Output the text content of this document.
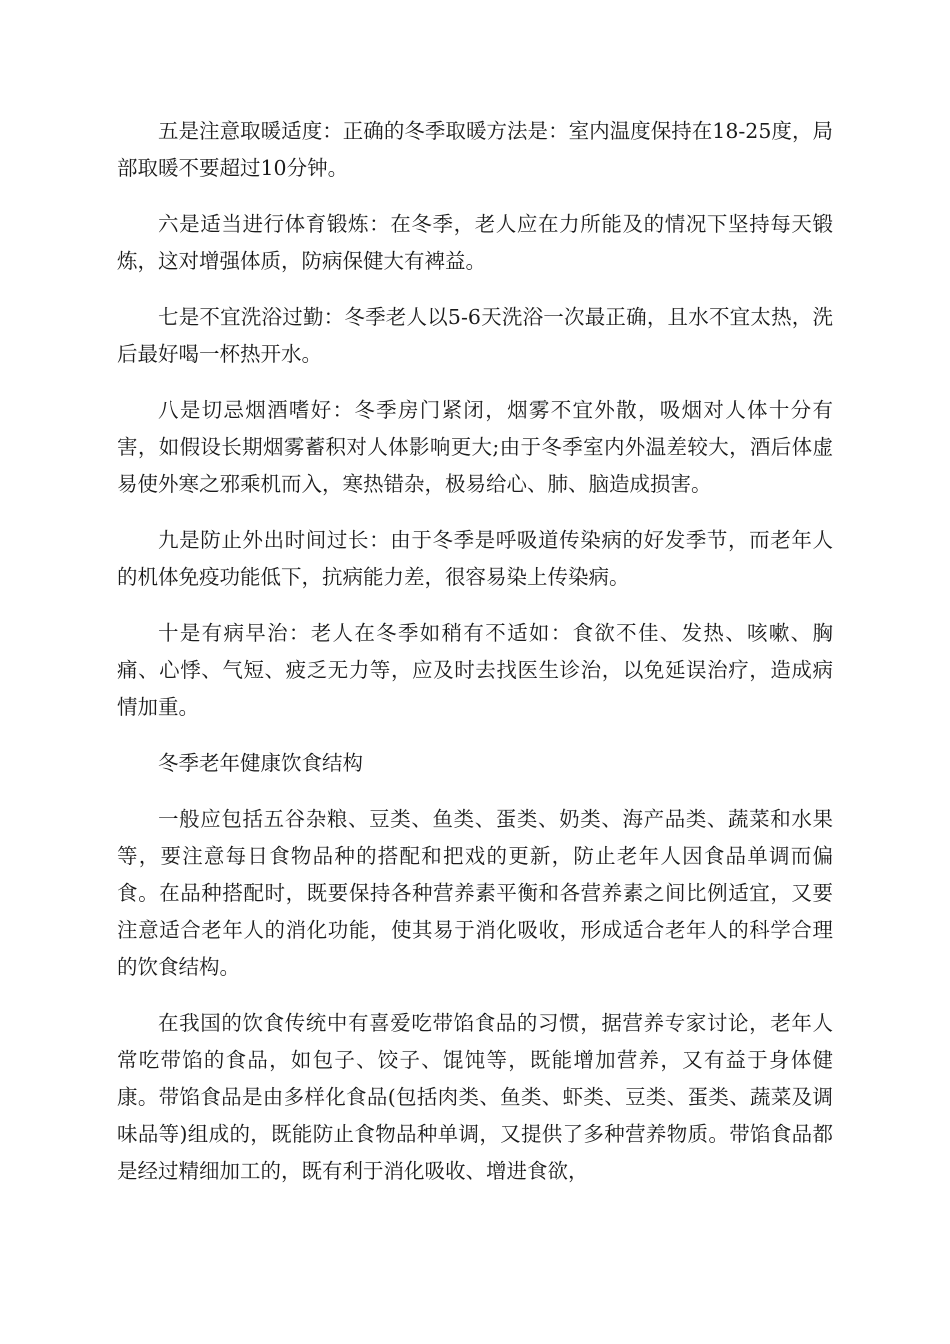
五是注意取暖适度：正确的冬季取暖方法是：室内温度保持在18-25度，局部取暖不要超过10分钟。

六是适当进行体育锻炼：在冬季，老人应在力所能及的情况下坚持每天锻炼，这对增强体质，防病保健大有裨益。

七是不宜洗浴过勤：冬季老人以5-6天洗浴一次最正确，且水不宜太热，洗后最好喝一杯热开水。

八是切忌烟酒嗜好：冬季房门紧闭，烟雾不宜外散，吸烟对人体十分有害，如假设长期烟雾蓄积对人体影响更大;由于冬季室内外温差较大，酒后体虚易使外寒之邪乘机而入，寒热错杂，极易给心、肺、脑造成损害。

九是防止外出时间过长：由于冬季是呼吸道传染病的好发季节，而老年人的机体免疫功能低下，抗病能力差，很容易染上传染病。

十是有病早治：老人在冬季如稍有不适如：食欲不佳、发热、咳嗽、胸痛、心悸、气短、疲乏无力等，应及时去找医生诊治，以免延误治疗，造成病情加重。

冬季老年健康饮食结构

一般应包括五谷杂粮、豆类、鱼类、蛋类、奶类、海产品类、蔬菜和水果等，要注意每日食物品种的搭配和把戏的更新，防止老年人因食品单调而偏食。在品种搭配时，既要保持各种营养素平衡和各营养素之间比例适宜，又要注意适合老年人的消化功能，使其易于消化吸收，形成适合老年人的科学合理的饮食结构。

在我国的饮食传统中有喜爱吃带馅食品的习惯，据营养专家讨论，老年人常吃带馅的食品，如包子、饺子、馄饨等，既能增加营养，又有益于身体健康。带馅食品是由多样化食品(包括肉类、鱼类、虾类、豆类、蛋类、蔬菜及调味品等)组成的，既能防止食物品种单调，又提供了多种营养物质。带馅食品都是经过精细加工的，既有利于消化吸收、增进食欲，
